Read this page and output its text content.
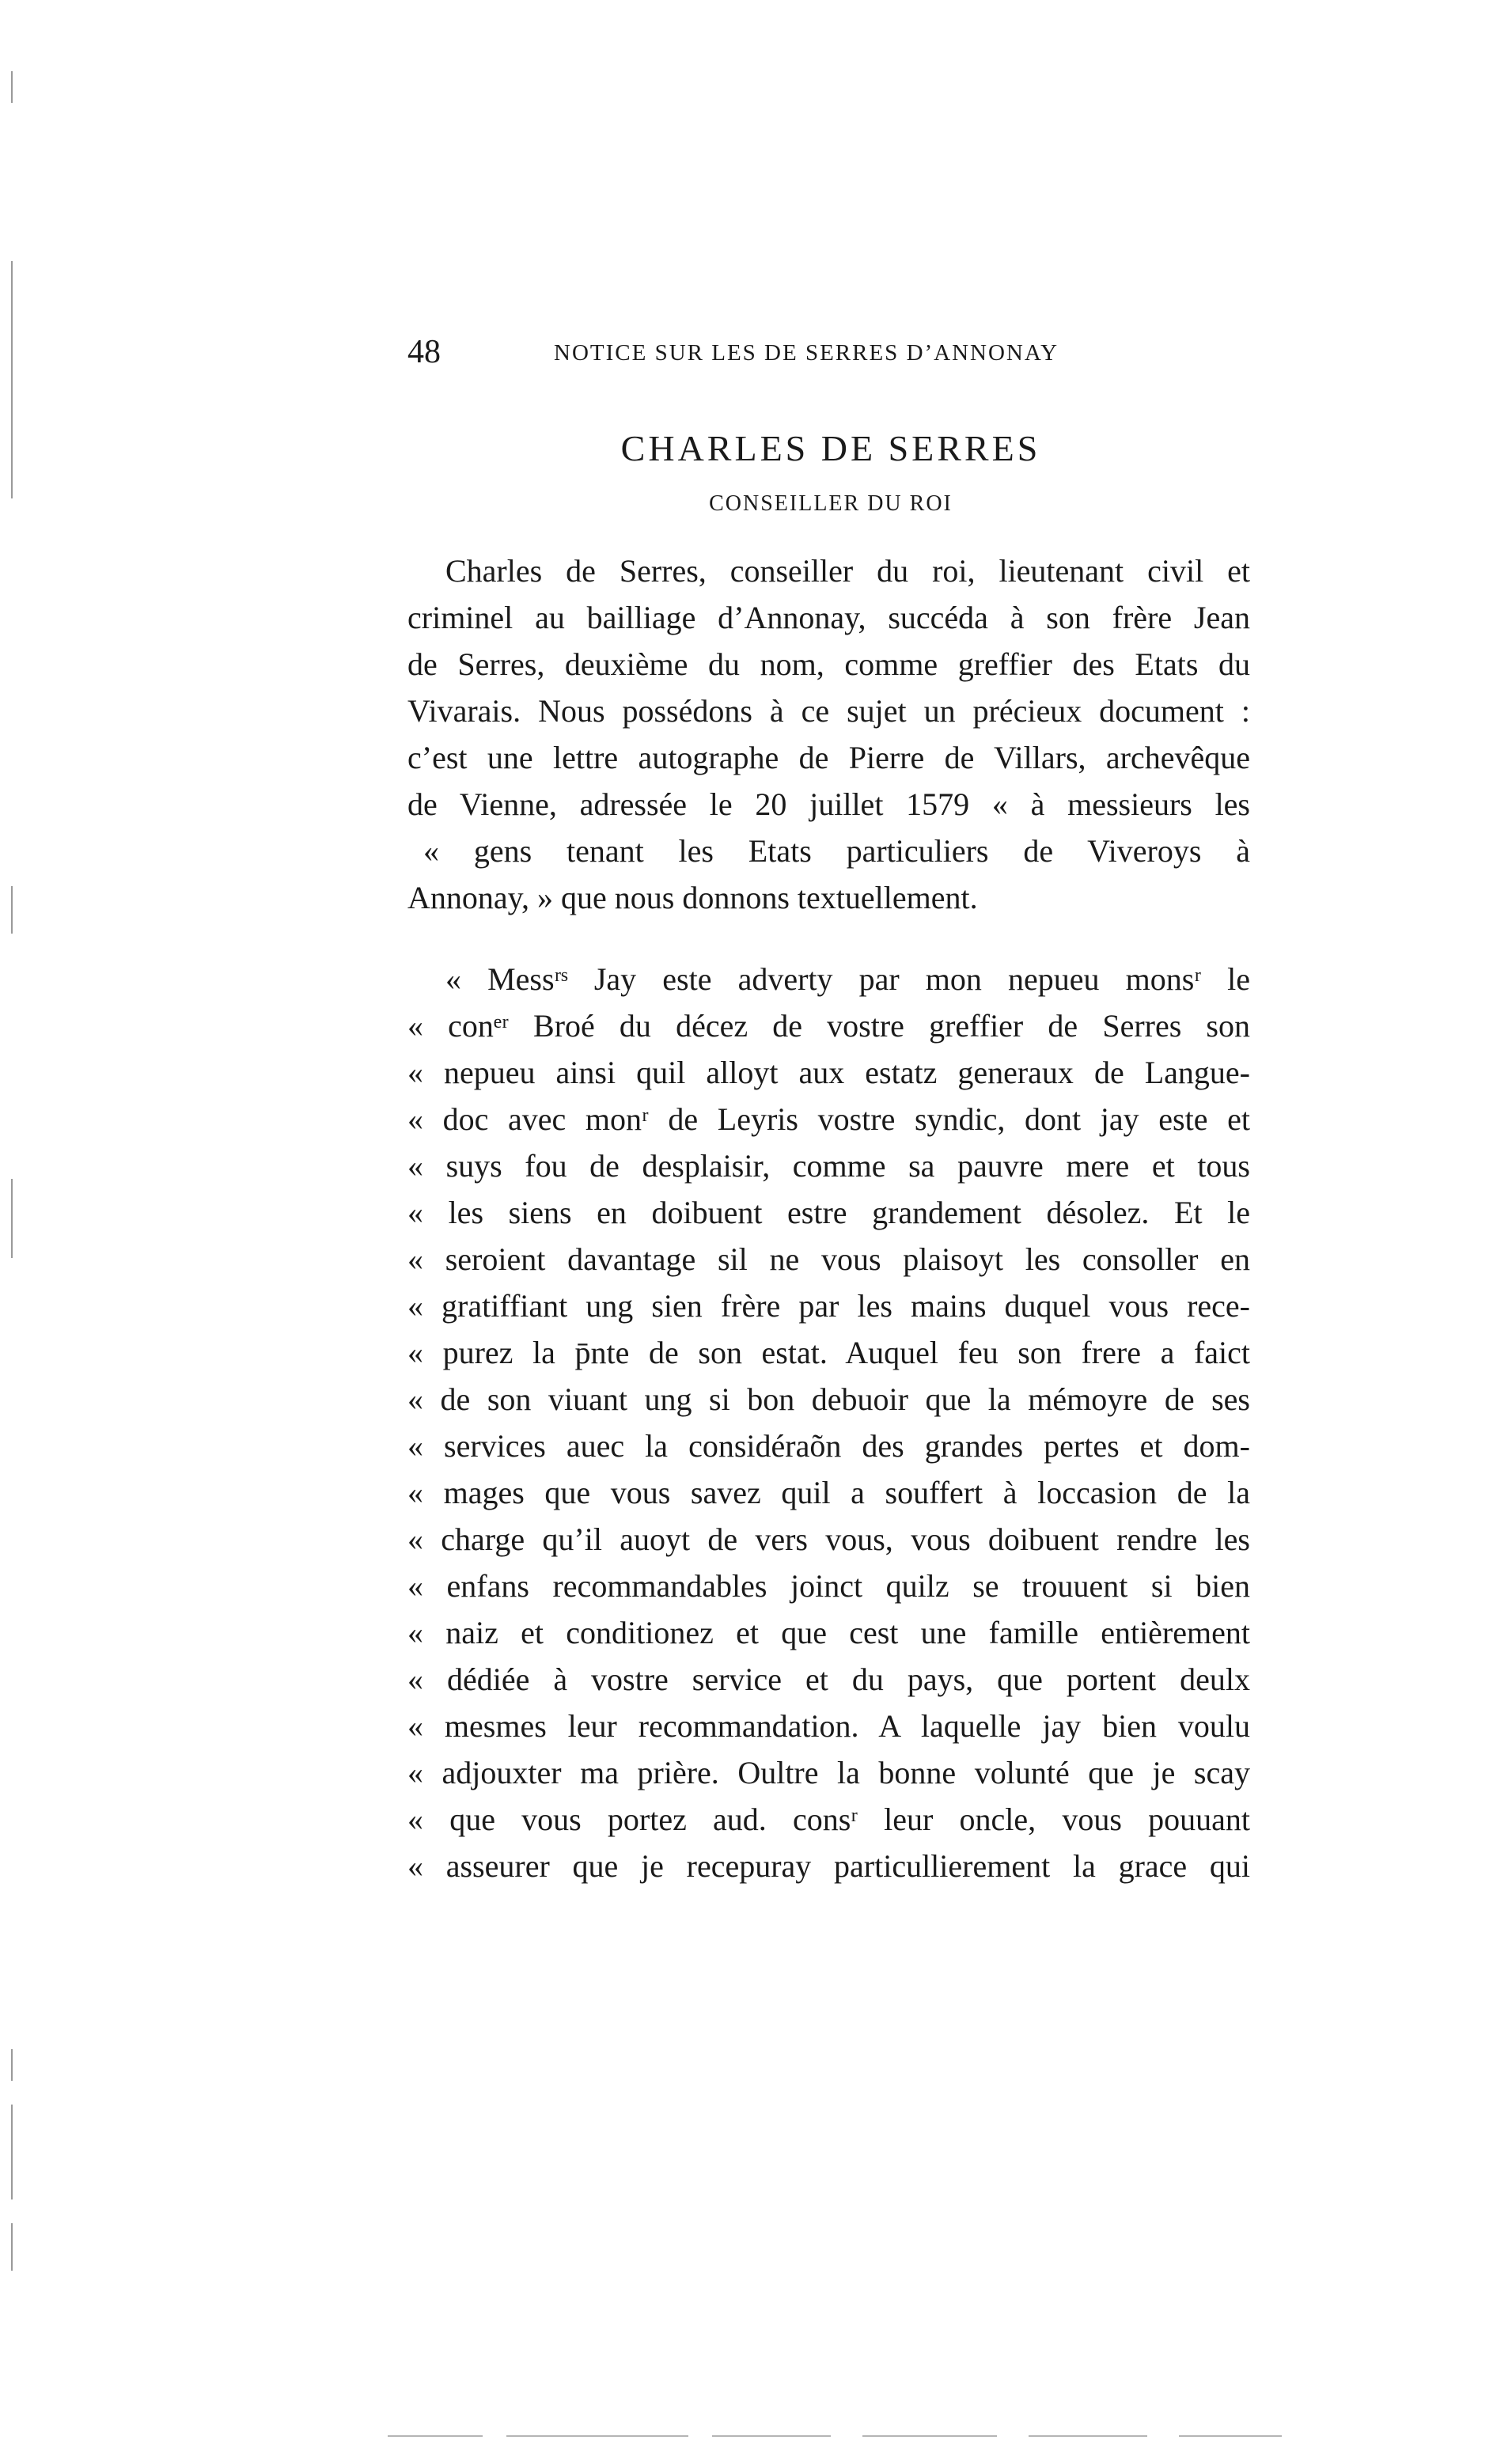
48	NOTICE SUR LES DE SERRES D’ANNONAY
CHARLES DE SERRES
CONSEILLER DU ROI
Charles de Serres, conseiller du roi, lieutenant civil et
criminel au bailliage d’Annonay, succéda à son frère Jean
de Serres, deuxième du nom, comme greffier des Etats du
Vivarais. Nous possédons à ce sujet un précieux document :
c’est une lettre autographe de Pierre de Villars, archevêque
de Vienne, adressée le 20 juillet 1579 « à messieurs les
« gens tenant les Etats particuliers de Viveroys à
Annonay, » que nous donnons textuellement.
« Messʳˢ Jay este adverty par mon nepueu monsʳ le
« conᵉʳ Broé du décez de vostre greffier de Serres son
« nepueu ainsi quil alloyt aux estatz generaux de Langue-
« doc avec monʳ de Leyris vostre syndic, dont jay este et
« suys fou de desplaisir, comme sa pauvre mere et tous
« les siens en doibuent estre grandement désolez. Et le
« seroient davantage sil ne vous plaisoyt les consoller en
« gratiffiant ung sien frère par les mains duquel vous rece-
« purez la p̄nte de son estat. Auquel feu son frere a faict
« de son viuant ung si bon debuoir que la mémoyre de ses
« services auec la considéraõn des grandes pertes et dom-
« mages que vous savez quil a souffert à loccasion de la
« charge qu’il auoyt de vers vous, vous doibuent rendre les
« enfans recommandables joinct quilz se trouuent si bien
« naiz et conditionez et que cest une famille entièrement
« dédiée à vostre service et du pays, que portent deulx
« mesmes leur recommandation. A laquelle jay bien voulu
« adjouxter ma prière. Oultre la bonne volunté que je scay
« que vous portez aud. consʳ leur oncle, vous pouuant
« asseurer que je recepuray particullierement la grace qui
